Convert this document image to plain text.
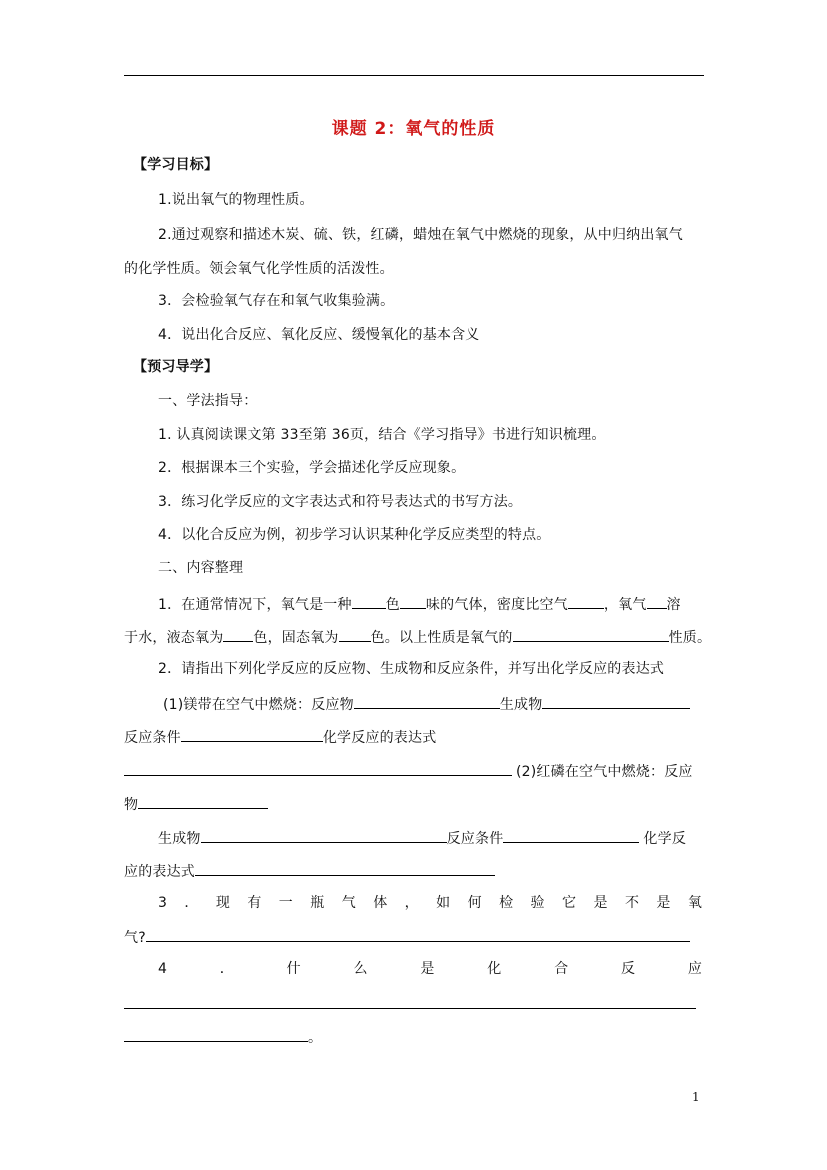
课题 2：氧气的性质
【学习目标】
1.说出氧气的物理性质。
2.通过观察和描述木炭、硫、铁，红磷，蜡烛在氧气中燃烧的现象，从中归纳出氧气
的化学性质。领会氧气化学性质的活泼性。
3．会检验氧气存在和氧气收集验满。
4．说出化合反应、氧化反应、缓慢氧化的基本含义
【预习导学】
一、学法指导：
1. 认真阅读课文第 33至第 36页，结合《学习指导》书进行知识梳理。
2．根据课本三个实验，学会描述化学反应现象。
3．练习化学反应的文字表达式和符号表达式的书写方法。
4．以化合反应为例，初步学习认识某种化学反应类型的特点。
二、内容整理
1．在通常情况下，氧气是一种 色 味的气体，密度比空气	，氧气 溶
于水，液态氧为 色，固态氧为 色。以上性质是氧气的	性质。
2．请指出下列化学反应的反应物、生成物和反应条件，并写出化学反应的表达式
(1)镁带在空气中燃烧：反应物	生成物
反应条件	化学反应的表达式
(2)红磷在空气中燃烧：反应
物
生成物	反应条件	化学反
应的表达式
3 ． 现 有 一 瓶 气 体 ， 如 何 检 验 它 是 不 是 氧
气?
4	．	什	么	是	化	合	反	应
。
1
